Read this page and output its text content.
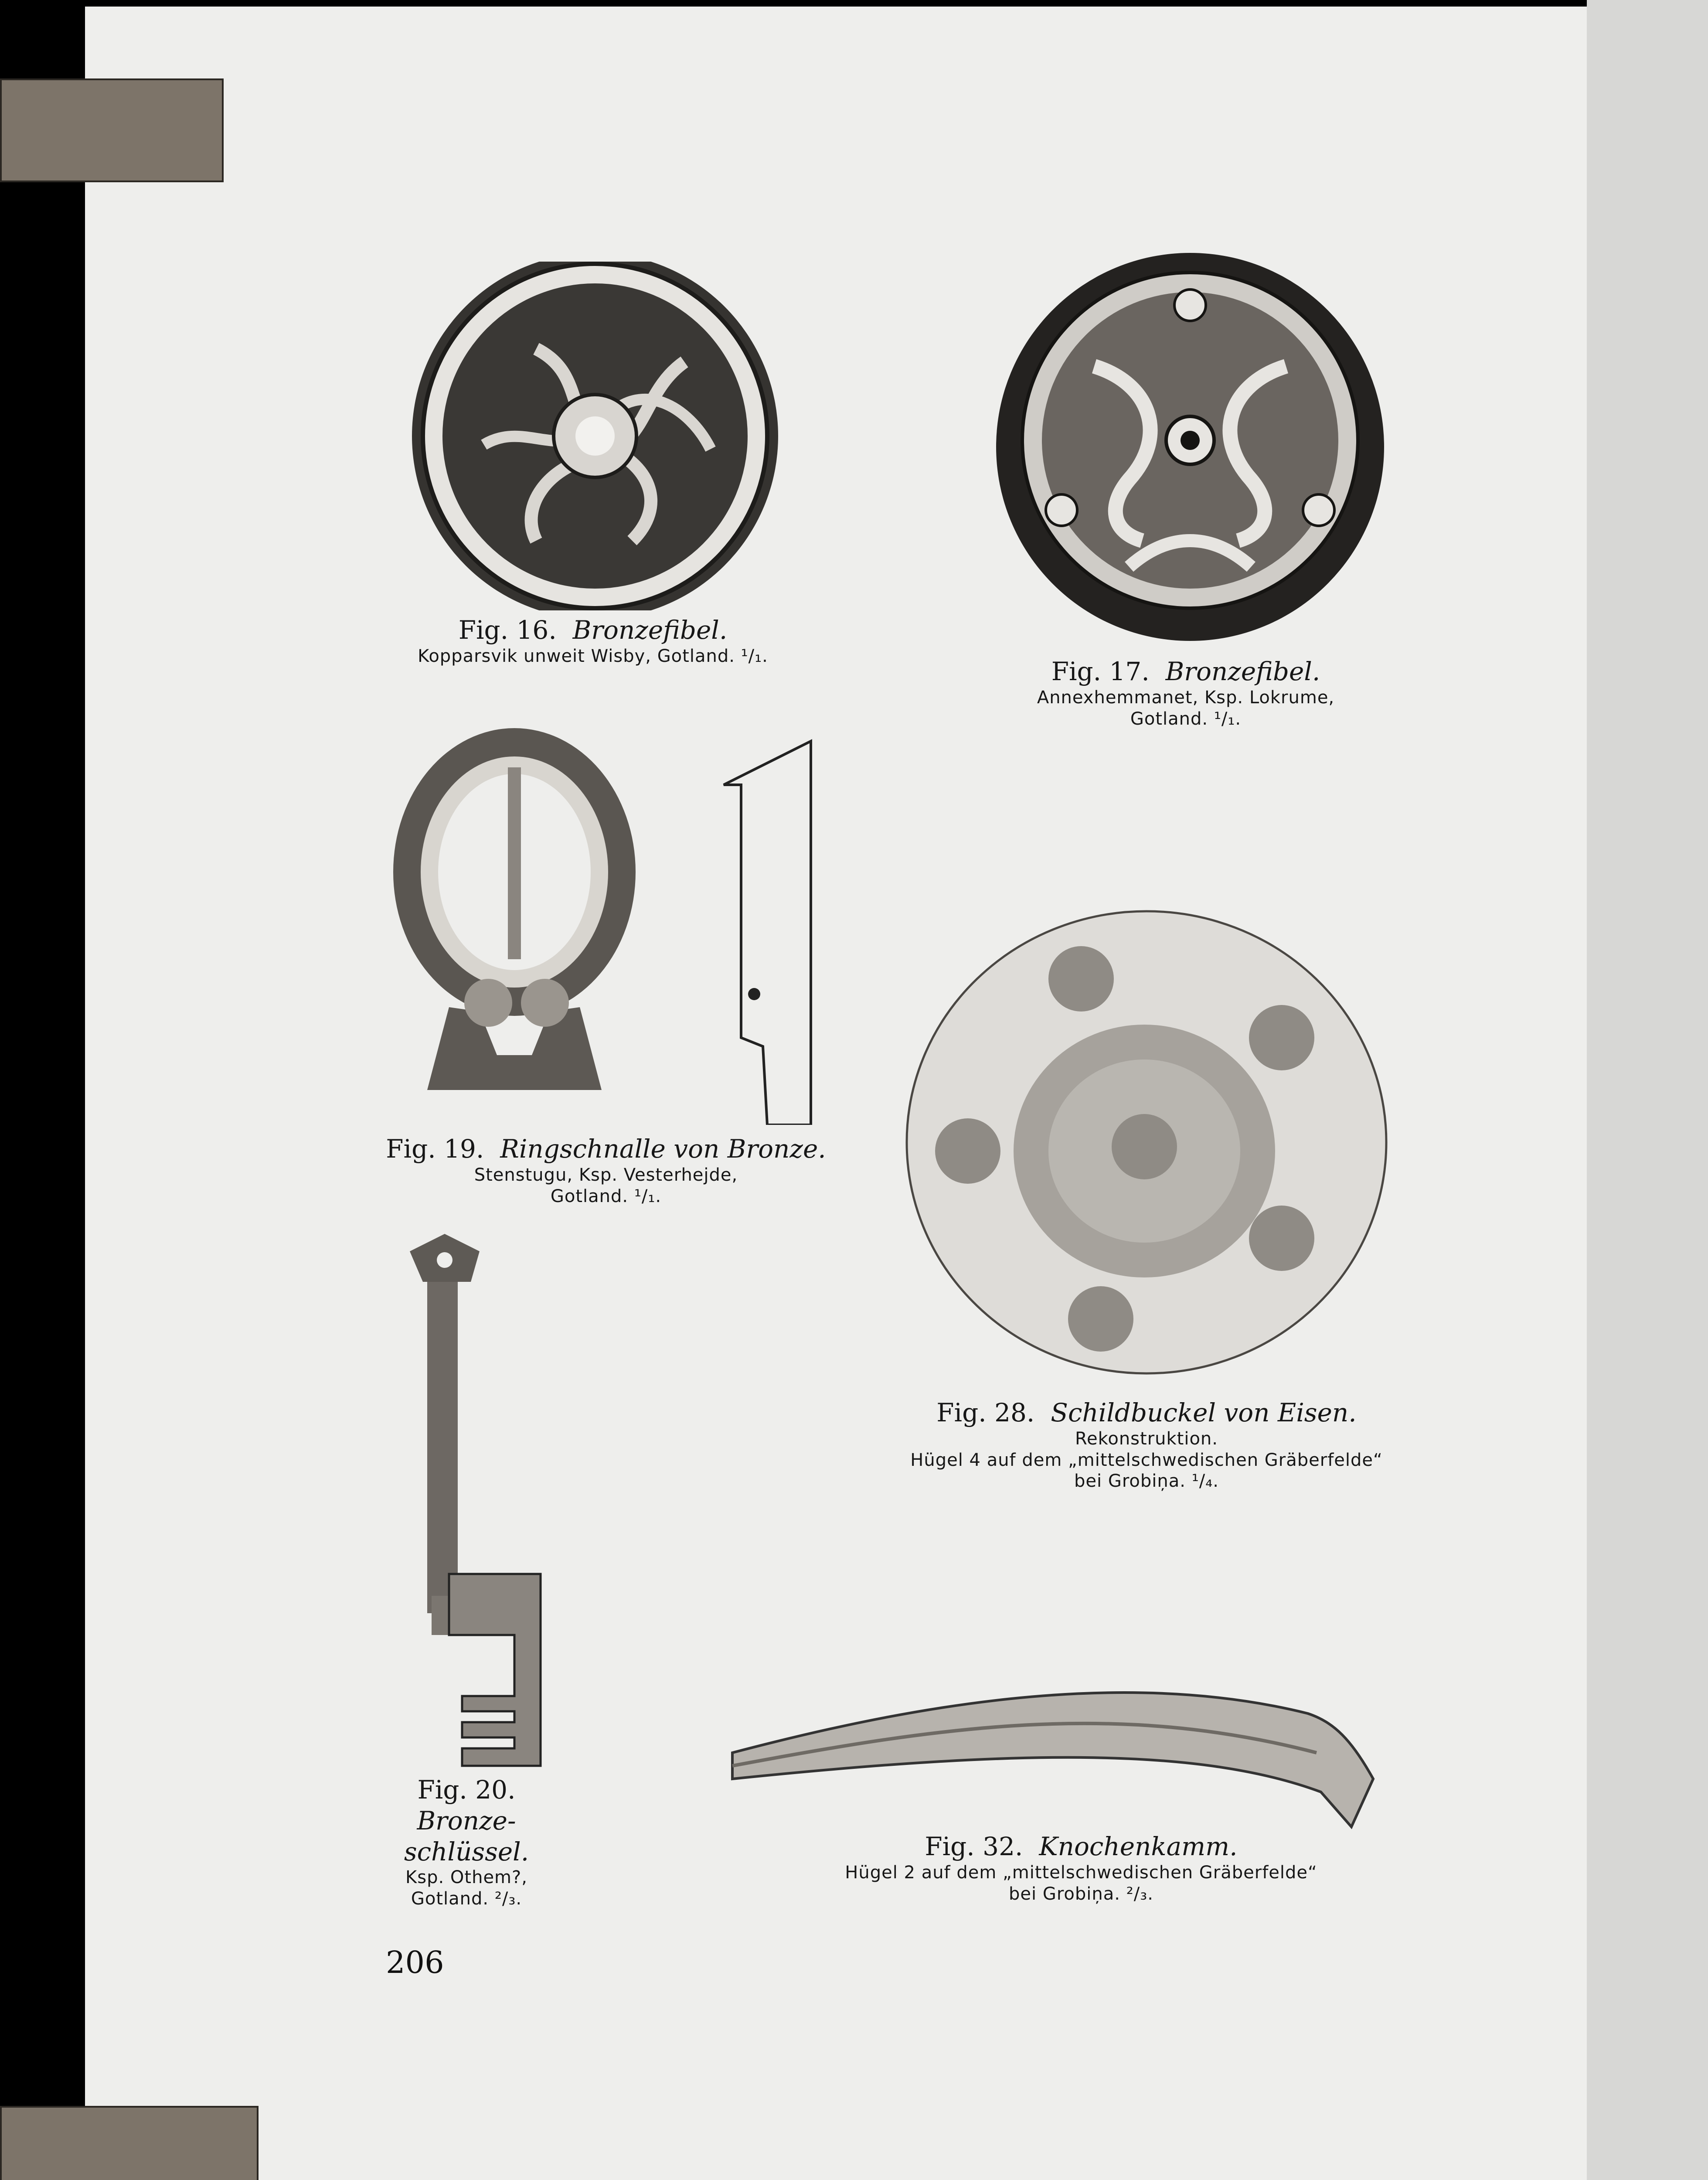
Fig. 16. Bronzefibel.
Kopparsvik unweit Wisby, Gotland. ¹/₁.
Fig. 17. Bronzefibel.
Annexhemmanet, Ksp. Lokrume,
Gotland. ¹/₁.
Fig. 19. Ringschnalle von Bronze.
Stenstugu, Ksp. Vesterhejde,
Gotland. ¹/₁.
Fig. 20.
Bronze-
schlüssel.
Ksp. Othem?,
Gotland. ²/₃.
Fig. 28. Schildbuckel von Eisen.
Rekonstruktion.
Hügel 4 auf dem „mittelschwedischen Gräberfelde“
bei Grobiņa. ¹/₄.
Fig. 32. Knochenkamm.
Hügel 2 auf dem „mittelschwedischen Gräberfelde“
bei Grobiņa. ²/₃.
206
